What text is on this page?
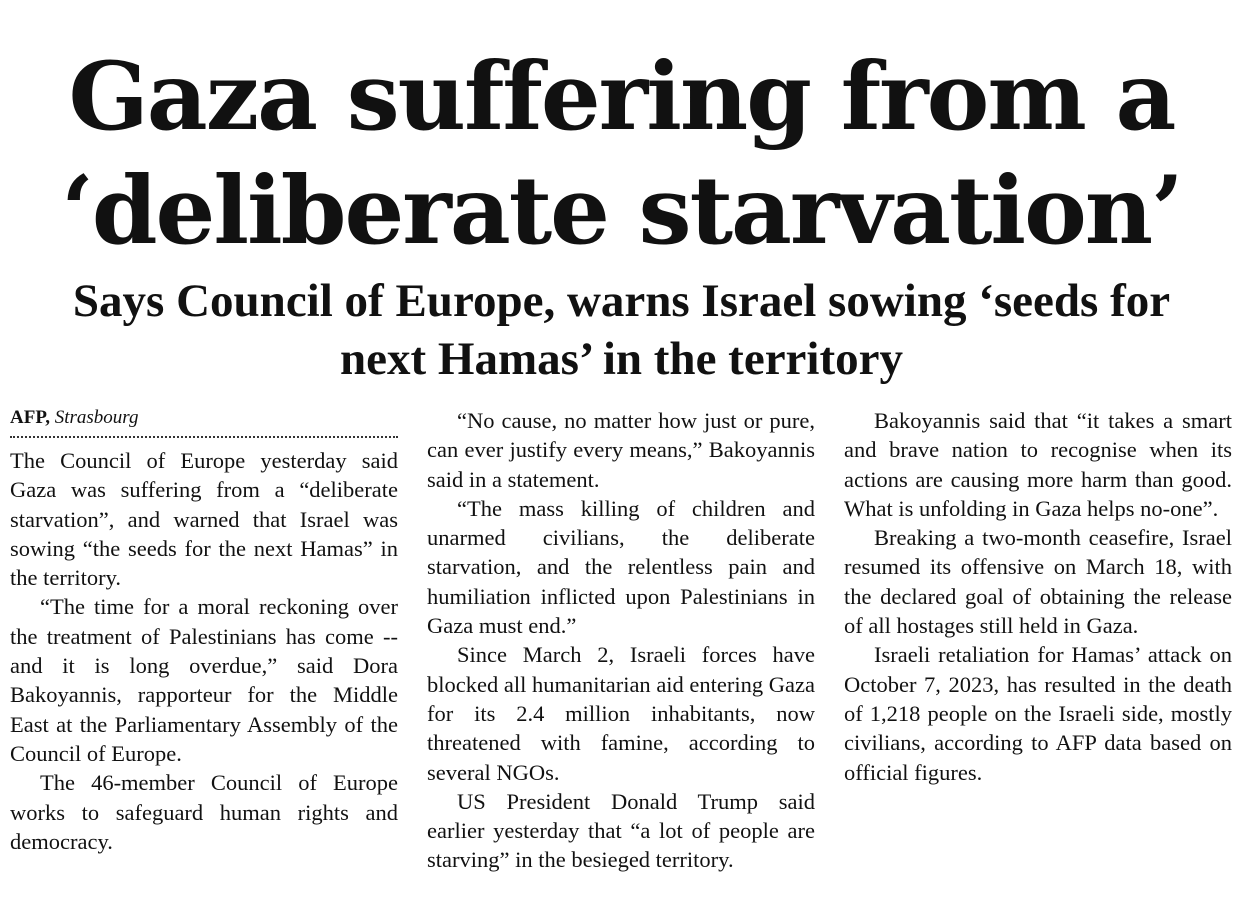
Gaza suffering from a
‘deliberate starvation’
Says Council of Europe, warns Israel sowing ‘seeds for
next Hamas’ in the territory
AFP, Strasbourg

The Council of Europe yesterday said Gaza was suffering from a “deliberate starvation”, and warned that Israel was sowing “the seeds for the next Hamas” in the territory.

“The time for a moral reckoning over the treatment of Palestinians has come -- and it is long overdue,” said Dora Bakoyannis, rapporteur for the Middle East at the Parliamentary Assembly of the Council of Europe.

The 46-member Council of Europe works to safeguard human rights and democracy.

“No cause, no matter how just or pure, can ever justify every means,” Bakoyannis said in a statement.

“The mass killing of children and unarmed civilians, the deliberate starvation, and the relentless pain and humiliation inflicted upon Palestinians in Gaza must end.”

Since March 2, Israeli forces have blocked all humanitarian aid entering Gaza for its 2.4 million inhabitants, now threatened with famine, according to several NGOs.

US President Donald Trump said earlier yesterday that “a lot of people are starving” in the besieged territory.

Bakoyannis said that “it takes a smart and brave nation to recognise when its actions are causing more harm than good. What is unfolding in Gaza helps no-one”.

Breaking a two-month ceasefire, Israel resumed its offensive on March 18, with the declared goal of obtaining the release of all hostages still held in Gaza.

Israeli retaliation for Hamas’ attack on October 7, 2023, has resulted in the death of 1,218 people on the Israeli side, mostly civilians, according to AFP data based on official figures.
